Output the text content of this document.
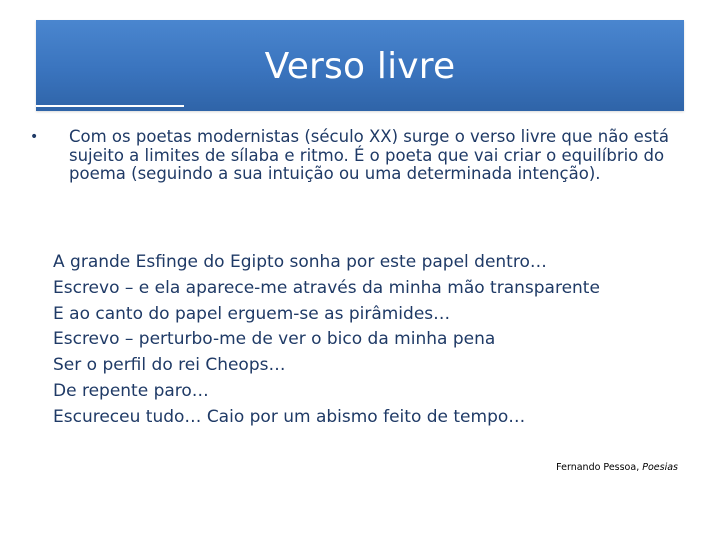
Verso livre
• Com os poetas modernistas (século XX) surge o verso livre que não está sujeito a limites de sílaba e ritmo. É o poeta que vai criar o equilíbrio do poema (seguindo a sua intuição ou uma determinada intenção).
A grande Esfinge do Egipto sonha por este papel dentro…
Escrevo – e ela aparece-me através da minha mão transparente
E ao canto do papel erguem-se as pirâmides…
Escrevo – perturbo-me de ver o bico da minha pena
Ser o perfil do rei Cheops…
De repente paro…
Escureceu tudo… Caio por um abismo feito de tempo…
Fernando Pessoa, Poesias
